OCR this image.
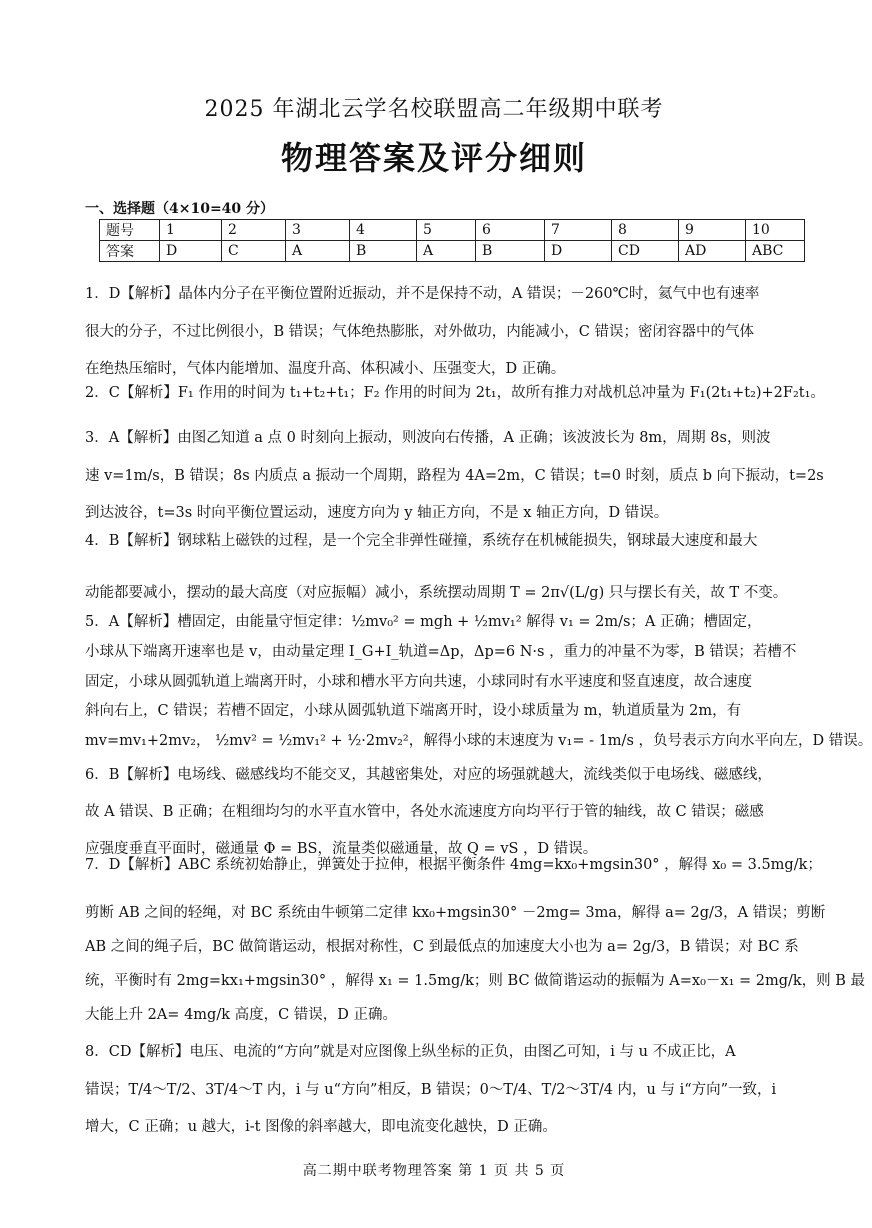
2025 年湖北云学名校联盟高二年级期中联考
物理答案及评分细则
一、选择题（4×10=40 分）
题号	1	2	3	4	5	6	7	8	9	10
答案	D	C	A	B	A	B	D	CD	AD	ABC

1．D【解析】晶体内分子在平衡位置附近振动，并不是保持不动，A 错误；－260℃时，氦气中也有速率

很大的分子，不过比例很小，B 错误；气体绝热膨胀，对外做功，内能减小，C 错误；密闭容器中的气体

在绝热压缩时，气体内能增加、温度升高、体积减小、压强变大，D 正确。

2．C【解析】F₁ 作用的时间为 t₁+t₂+t₁；F₂ 作用的时间为 2t₁，故所有推力对战机总冲量为 F₁(2t₁+t₂)+2F₂t₁。

3．A【解析】由图乙知道 a 点 0 时刻向上振动，则波向右传播，A 正确；该波波长为 8m，周期 8s，则波

速 v=1m/s，B 错误；8s 内质点 a 振动一个周期，路程为 4A=2m，C 错误；t=0 时刻，质点 b 向下振动，t=2s

到达波谷，t=3s 时向平衡位置运动，速度方向为 y 轴正方向，不是 x 轴正方向，D 错误。

4．B【解析】钢球粘上磁铁的过程，是一个完全非弹性碰撞，系统存在机械能损失，钢球最大速度和最大

动能都要减小，摆动的最大高度（对应振幅）减小，系统摆动周期 T = 2π√(L/g) 只与摆长有关，故 T 不变。

5．A【解析】槽固定，由能量守恒定律：½mv₀² = mgh + ½mv₁² 解得 v₁ = 2m/s；A 正确；槽固定，

小球从下端离开速率也是 v，由动量定理 I_G+I_轨道=Δp，Δp=6 N·s ，重力的冲量不为零，B 错误；若槽不

固定，小球从圆弧轨道上端离开时，小球和槽水平方向共速，小球同时有水平速度和竖直速度，故合速度

斜向右上，C 错误；若槽不固定，小球从圆弧轨道下端离开时，设小球质量为 m，轨道质量为 2m，有

mv=mv₁+2mv₂， ½mv² = ½mv₁² + ½·2mv₂²，解得小球的末速度为 v₁= - 1m/s ，负号表示方向水平向左，D 错误。

6．B【解析】电场线、磁感线均不能交叉，其越密集处，对应的场强就越大，流线类似于电场线、磁感线，

故 A 错误、B 正确；在粗细均匀的水平直水管中，各处水流速度方向均平行于管的轴线，故 C 错误；磁感

应强度垂直平面时，磁通量 Φ = BS，流量类似磁通量，故 Q = vS ，D 错误。

7．D【解析】ABC 系统初始静止，弹簧处于拉伸，根据平衡条件 4mg=kx₀+mgsin30° ，解得 x₀ = 3.5mg/k；

剪断 AB 之间的轻绳，对 BC 系统由牛顿第二定律 kx₀+mgsin30° －2mg= 3ma，解得 a= 2g/3，A 错误；剪断

AB 之间的绳子后，BC 做简谐运动，根据对称性，C 到最低点的加速度大小也为 a= 2g/3，B 错误；对 BC 系

统，平衡时有 2mg=kx₁+mgsin30° ，解得 x₁ = 1.5mg/k；则 BC 做简谐运动的振幅为 A=x₀－x₁ = 2mg/k，则 B 最

大能上升 2A= 4mg/k 高度，C 错误，D 正确。

8．CD【解析】电压、电流的“方向”就是对应图像上纵坐标的正负，由图乙可知，i 与 u 不成正比，A

错误；T/4～T/2、3T/4～T 内，i 与 u“方向”相反，B 错误；0～T/4、T/2～3T/4 内，u 与 i“方向”一致，i

增大，C 正确；u 越大，i-t 图像的斜率越大，即电流变化越快，D 正确。

高二期中联考物理答案 第 1 页 共 5 页
